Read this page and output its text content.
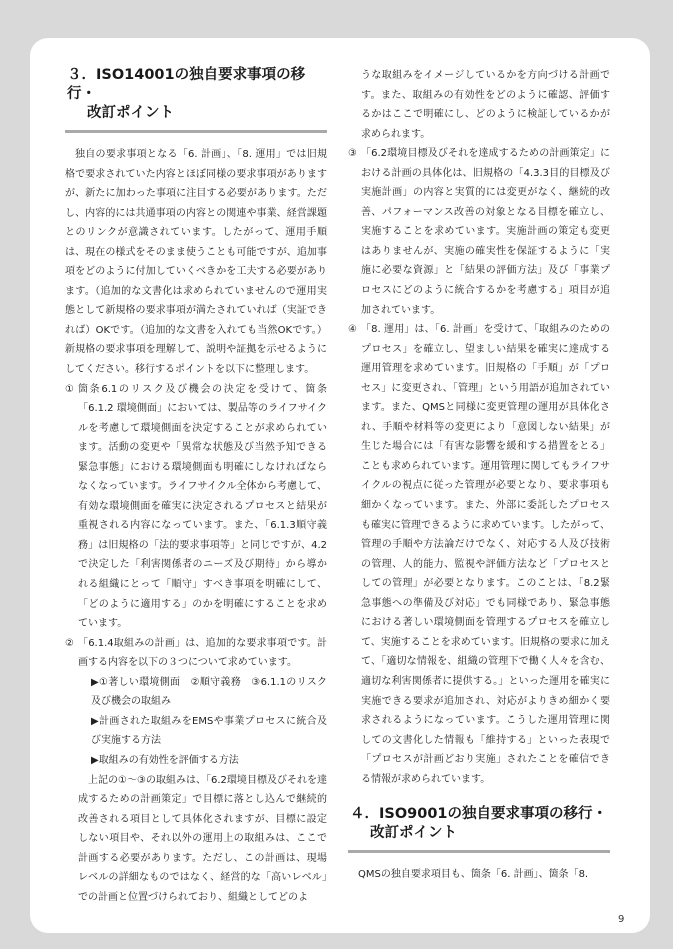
３．ISO14001の独自要求事項の移行・
改訂ポイント

独自の要求事項となる「6. 計画」、「8. 運用」では旧規格で要求されていた内容とほぼ同様の要求事項がありますが、新たに加わった事項に注目する必要があります。ただし、内容的には共通事項の内容との関連や事業、経営課題とのリンクが意識されています。したがって、運用手順は、現在の様式をそのまま使うことも可能ですが、追加事項をどのように付加していくべきかを工夫する必要があります。（追加的な文書化は求められていませんので運用実態として新規格の要求事項が満たされていれば（実証できれば）OKです。（追加的な文書を入れても当然OKです。）新規格の要求事項を理解して、説明や証拠を示せるようにしてください。移行するポイントを以下に整理します。

① 箇条6.1のリスク及び機会の決定を受けて、箇条「6.1.2 環境側面」においては、製品等のライフサイクルを考慮して環境側面を決定することが求められています。活動の変更や「異常な状態及び当然予知できる緊急事態」における環境側面も明確にしなければならなくなっています。ライフサイクル全体から考慮して、有効な環境側面を確実に決定されるプロセスと結果が重視される内容になっています。また、「6.1.3順守義務」は旧規格の「法的要求事項等」と同じですが、4.2で決定した「利害関係者のニーズ及び期待」から導かれる組織にとって「順守」すべき事項を明確にして、「どのように適用する」のかを明確にすることを求めています。

② 「6.1.4取組みの計画」は、追加的な要求事項です。計画する内容を以下の３つについて求めています。

▶①著しい環境側面　②順守義務　③6.1.1のリスク及び機会の取組み

▶計画された取組みをEMSや事業プロセスに統合及び実施する方法

▶取組みの有効性を評価する方法

上記の①～③の取組みは、「6.2環境目標及びそれを達成するための計画策定」で目標に落とし込んで継続的改善される項目として具体化されますが、目標に設定しない項目や、それ以外の運用上の取組みは、ここで計画する必要があります。ただし、この計画は、現場レベルの詳細なものではなく、経営的な「高いレベル」での計画と位置づけられており、組織としてどのよ

うな取組みをイメージしているかを方向づける計画です。また、取組みの有効性をどのように確認、評価するかはここで明確にし、どのように検証しているかが求められます。

③ 「6.2環境目標及びそれを達成するための計画策定」における計画の具体化は、旧規格の「4.3.3目的目標及び実施計画」の内容と実質的には変更がなく、継続的改善、パフォーマンス改善の対象となる目標を確立し、実施することを求めています。実施計画の策定も変更はありませんが、実施の確実性を保証するように「実施に必要な資源」と「結果の評価方法」及び「事業プロセスにどのように統合するかを考慮する」項目が追加されています。

④ 「8. 運用」は、「6. 計画」を受けて、「取組みのためのプロセス」を確立し、望ましい結果を確実に達成する運用管理を求めています。旧規格の「手順」が「プロセス」に変更され、「管理」という用語が追加されています。また、QMSと同様に変更管理の運用が具体化され、手順や材料等の変更により「意図しない結果」が生じた場合には「有害な影響を緩和する措置をとる」ことも求められています。運用管理に関してもライフサイクルの視点に従った管理が必要となり、要求事項も細かくなっています。また、外部に委託したプロセスも確実に管理できるように求めています。したがって、管理の手順や方法論だけでなく、対応する人及び技術の管理、人的能力、監視や評価方法など「プロセスとしての管理」が必要となります。このことは、「8.2緊急事態への準備及び対応」でも同様であり、緊急事態における著しい環境側面を管理するプロセスを確立して、実施することを求めています。旧規格の要求に加えて、「適切な情報を、組織の管理下で働く人々を含む、適切な利害関係者に提供する。」といった運用を確実に実施できる要求が追加され、対応がよりきめ細かく要求されるようになっています。こうした運用管理に関しての文書化した情報も「維持する」といった表現で「プロセスが計画どおり実施」されたことを確信できる情報が求められています。

４．ISO9001の独自要求事項の移行・
改訂ポイント

QMSの独自要求項目も、箇条「6. 計画」、箇条「8.

9
